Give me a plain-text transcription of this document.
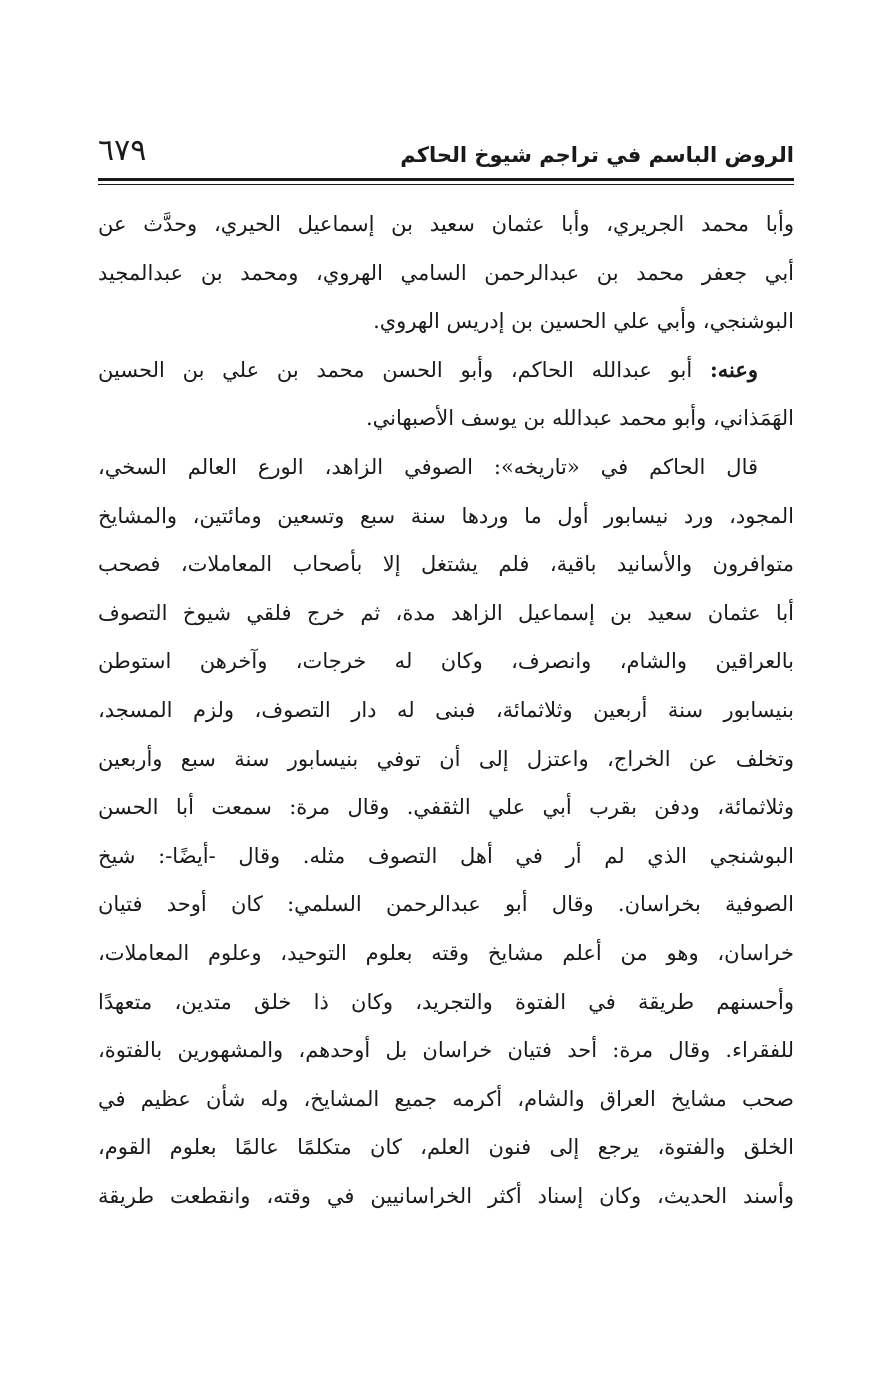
الروض الباسم في تراجم شيوخ الحاكم
٦٧٩
وأبا محمد الجريري، وأبا عثمان سعيد بن إسماعيل الحيري، وحدَّث عن
أبي جعفر محمد بن عبدالرحمن السامي الهروي، ومحمد بن عبدالمجيد
البوشنجي، وأبي علي الحسين بن إدريس الهروي.
وعنه: أبو عبدالله الحاكم، وأبو الحسن محمد بن علي بن الحسين
الهَمَذاني، وأبو محمد عبدالله بن يوسف الأصبهاني.
قال الحاكم في «تاريخه»: الصوفي الزاهد، الورع العالم السخي،
المجود، ورد نيسابور أول ما وردها سنة سبع وتسعين ومائتين، والمشايخ
متوافرون والأسانيد باقية، فلم يشتغل إلا بأصحاب المعاملات، فصحب
أبا عثمان سعيد بن إسماعيل الزاهد مدة، ثم خرج فلقي شيوخ التصوف
بالعراقين والشام، وانصرف، وكان له خرجات، وآخرهن استوطن
بنيسابور سنة أربعين وثلاثمائة، فبنى له دار التصوف، ولزم المسجد،
وتخلف عن الخراج، واعتزل إلى أن توفي بنيسابور سنة سبع وأربعين
وثلاثمائة، ودفن بقرب أبي علي الثقفي. وقال مرة: سمعت أبا الحسن
البوشنجي الذي لم أر في أهل التصوف مثله. وقال -أيضًا-: شيخ
الصوفية بخراسان. وقال أبو عبدالرحمن السلمي: كان أوحد فتيان
خراسان، وهو من أعلم مشايخ وقته بعلوم التوحيد، وعلوم المعاملات،
وأحسنهم طريقة في الفتوة والتجريد، وكان ذا خلق متدين، متعهدًا
للفقراء. وقال مرة: أحد فتيان خراسان بل أوحدهم، والمشهورين بالفتوة،
صحب مشايخ العراق والشام، أكرمه جميع المشايخ، وله شأن عظيم في
الخلق والفتوة، يرجع إلى فنون العلم، كان متكلمًا عالمًا بعلوم القوم،
وأسند الحديث، وكان إسناد أكثر الخراسانيين في وقته، وانقطعت طريقة
